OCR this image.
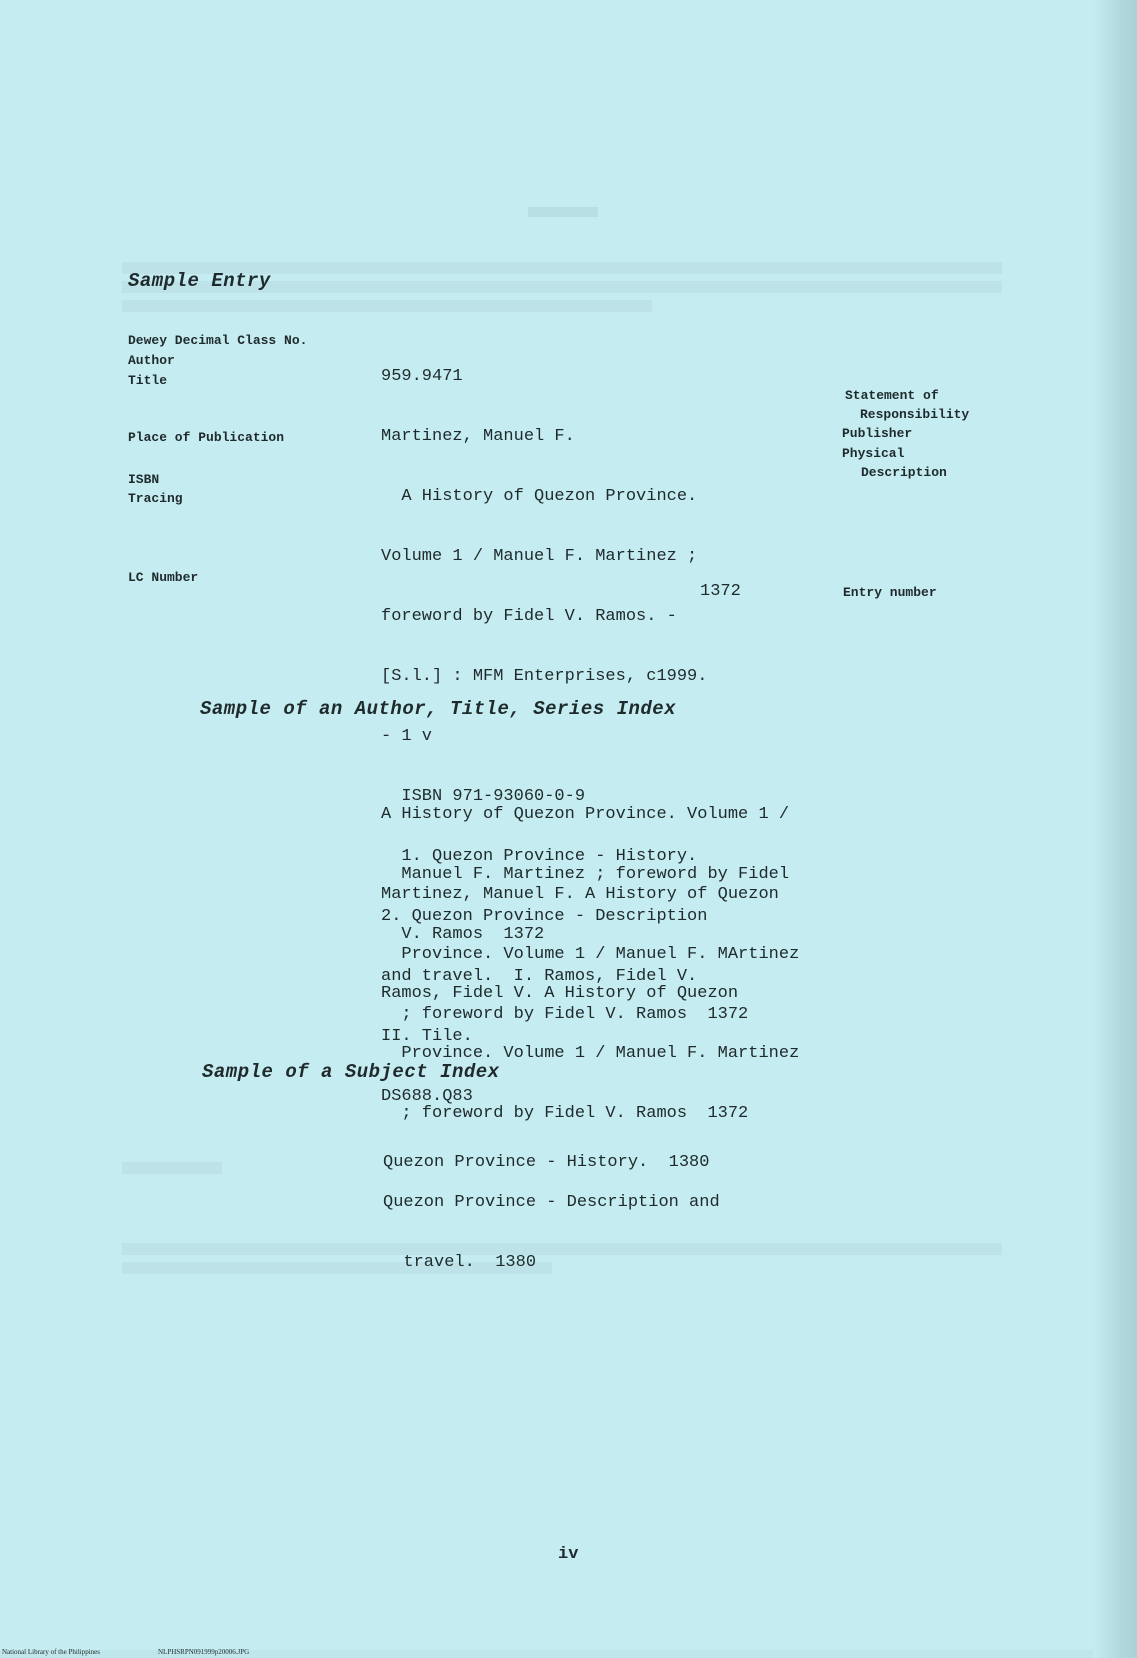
Sample Entry
Dewey Decimal Class No.
Author
Title
Place of Publication
ISBN
Tracing
LC Number

959.9471

Martinez, Manuel F.

A History of Quezon Province.

Volume 1 / Manuel F. Martinez ;

foreword by Fidel V. Ramos. -

[S.l.] : MFM Enterprises, c1999.

- 1 v

ISBN 971-93060-0-9

1. Quezon Province - History.

2. Quezon Province - Description

and travel.  I. Ramos, Fidel V.

II. Tile.

DS688.Q83

1372
Statement of
Responsibility
Publisher
Physical
Description
Entry number
Sample of an Author, Title, Series Index

A History of Quezon Province. Volume 1 /

Manuel F. Martinez ; foreword by Fidel

V. Ramos  1372

Martinez, Manuel F. A History of Quezon

Province. Volume 1 / Manuel F. MArtinez

; foreword by Fidel V. Ramos  1372

Ramos, Fidel V. A History of Quezon

Province. Volume 1 / Manuel F. Martinez

; foreword by Fidel V. Ramos  1372

Sample of a Subject Index

Quezon Province - History.  1380

Quezon Province - Description and

travel.  1380

iv
National Library of the Philippines	NLPHSRPN091999p20006.JPG
